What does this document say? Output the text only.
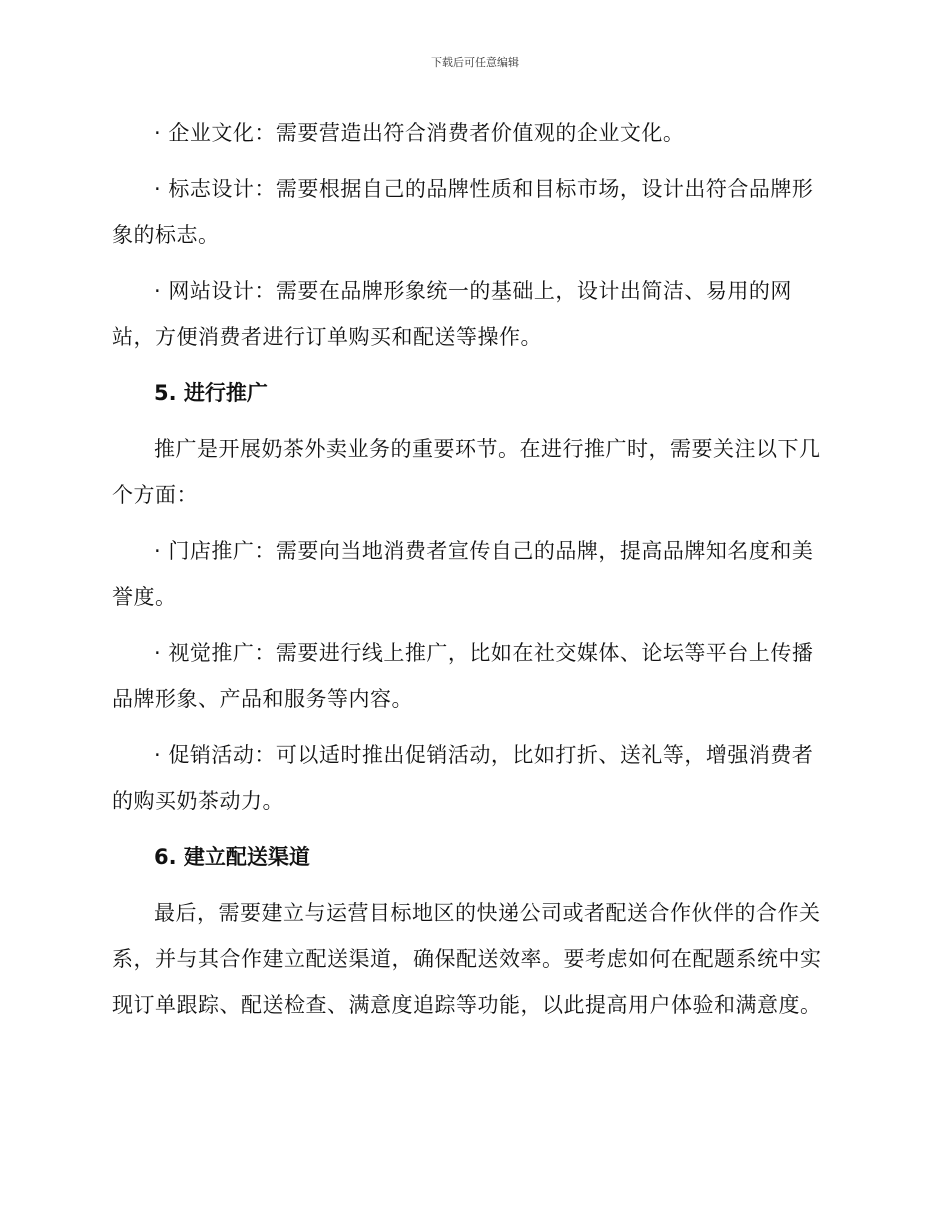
下载后可任意编辑

· 企业文化：需要营造出符合消费者价值观的企业文化。

· 标志设计：需要根据自己的品牌性质和目标市场，设计出符合品牌形象的标志。

· 网站设计：需要在品牌形象统一的基础上，设计出简洁、易用的网站，方便消费者进行订单购买和配送等操作。

5. 进行推广

推广是开展奶茶外卖业务的重要环节。在进行推广时，需要关注以下几个方面：

· 门店推广：需要向当地消费者宣传自己的品牌，提高品牌知名度和美誉度。

· 视觉推广：需要进行线上推广，比如在社交媒体、论坛等平台上传播品牌形象、产品和服务等内容。

· 促销活动：可以适时推出促销活动，比如打折、送礼等，增强消费者的购买奶茶动力。

6. 建立配送渠道

最后，需要建立与运营目标地区的快递公司或者配送合作伙伴的合作关系，并与其合作建立配送渠道，确保配送效率。要考虑如何在配题系统中实现订单跟踪、配送检查、满意度追踪等功能，以此提高用户体验和满意度。
